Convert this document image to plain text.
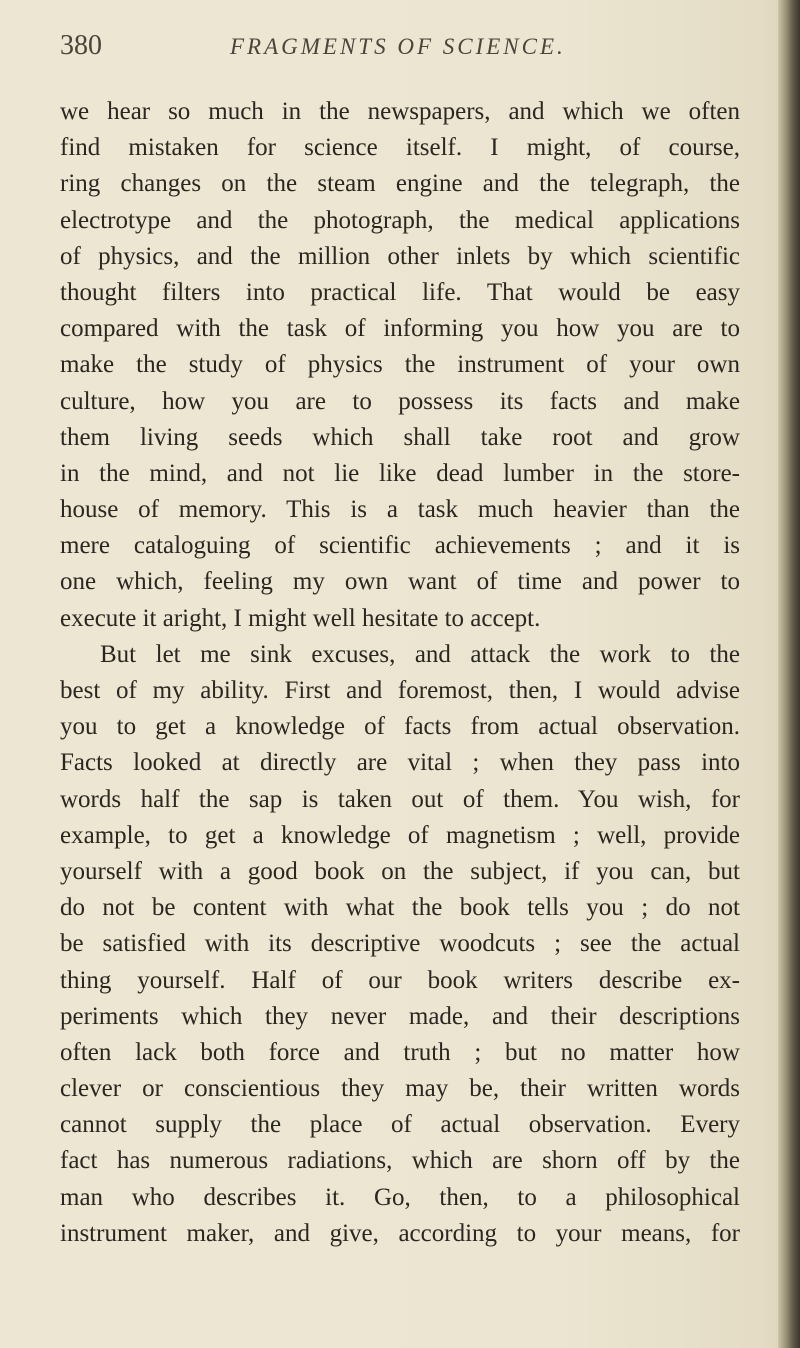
380	FRAGMENTS OF SCIENCE.
we hear so much in the newspapers, and which we often
find mistaken for science itself. I might, of course,
ring changes on the steam engine and the telegraph, the
electrotype and the photograph, the medical applications
of physics, and the million other inlets by which scientific
thought filters into practical life. That would be easy
compared with the task of informing you how you are to
make the study of physics the instrument of your own
culture, how you are to possess its facts and make
them living seeds which shall take root and grow
in the mind, and not lie like dead lumber in the store-
house of memory. This is a task much heavier than the
mere cataloguing of scientific achievements ; and it is
one which, feeling my own want of time and power to
execute it aright, I might well hesitate to accept.
But let me sink excuses, and attack the work to the
best of my ability. First and foremost, then, I would advise
you to get a knowledge of facts from actual observation.
Facts looked at directly are vital ; when they pass into
words half the sap is taken out of them. You wish, for
example, to get a knowledge of magnetism ; well, provide
yourself with a good book on the subject, if you can, but
do not be content with what the book tells you ; do not
be satisfied with its descriptive woodcuts ; see the actual
thing yourself. Half of our book writers describe ex-
periments which they never made, and their descriptions
often lack both force and truth ; but no matter how
clever or conscientious they may be, their written words
cannot supply the place of actual observation. Every
fact has numerous radiations, which are shorn off by the
man who describes it. Go, then, to a philosophical
instrument maker, and give, according to your means, for
